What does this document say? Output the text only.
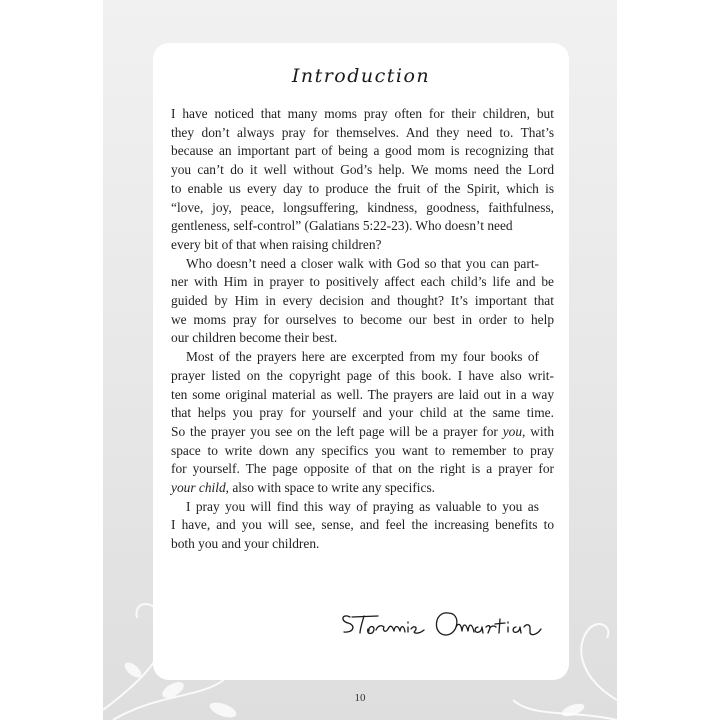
Introduction
I have noticed that many moms pray often for their children, but
they don’t always pray for themselves. And they need to. That’s
because an important part of being a good mom is recognizing that
you can’t do it well without God’s help. We moms need the Lord
to enable us every day to produce the fruit of the Spirit, which is
“love, joy, peace, longsuffering, kindness, goodness, faithfulness,
gentleness, self-control” (Galatians 5:22-23). Who doesn’t need
every bit of that when raising children?
Who doesn’t need a closer walk with God so that you can part-
ner with Him in prayer to positively affect each child’s life and be
guided by Him in every decision and thought? It’s important that
we moms pray for ourselves to become our best in order to help
our children become their best.
Most of the prayers here are excerpted from my four books of
prayer listed on the copyright page of this book. I have also writ-
ten some original material as well. The prayers are laid out in a way
that helps you pray for yourself and your child at the same time.
So the prayer you see on the left page will be a prayer for you, with
space to write down any specifics you want to remember to pray
for yourself. The page opposite of that on the right is a prayer for
your child, also with space to write any specifics.
I pray you will find this way of praying as valuable to you as
I have, and you will see, sense, and feel the increasing benefits to
both you and your children.
10
